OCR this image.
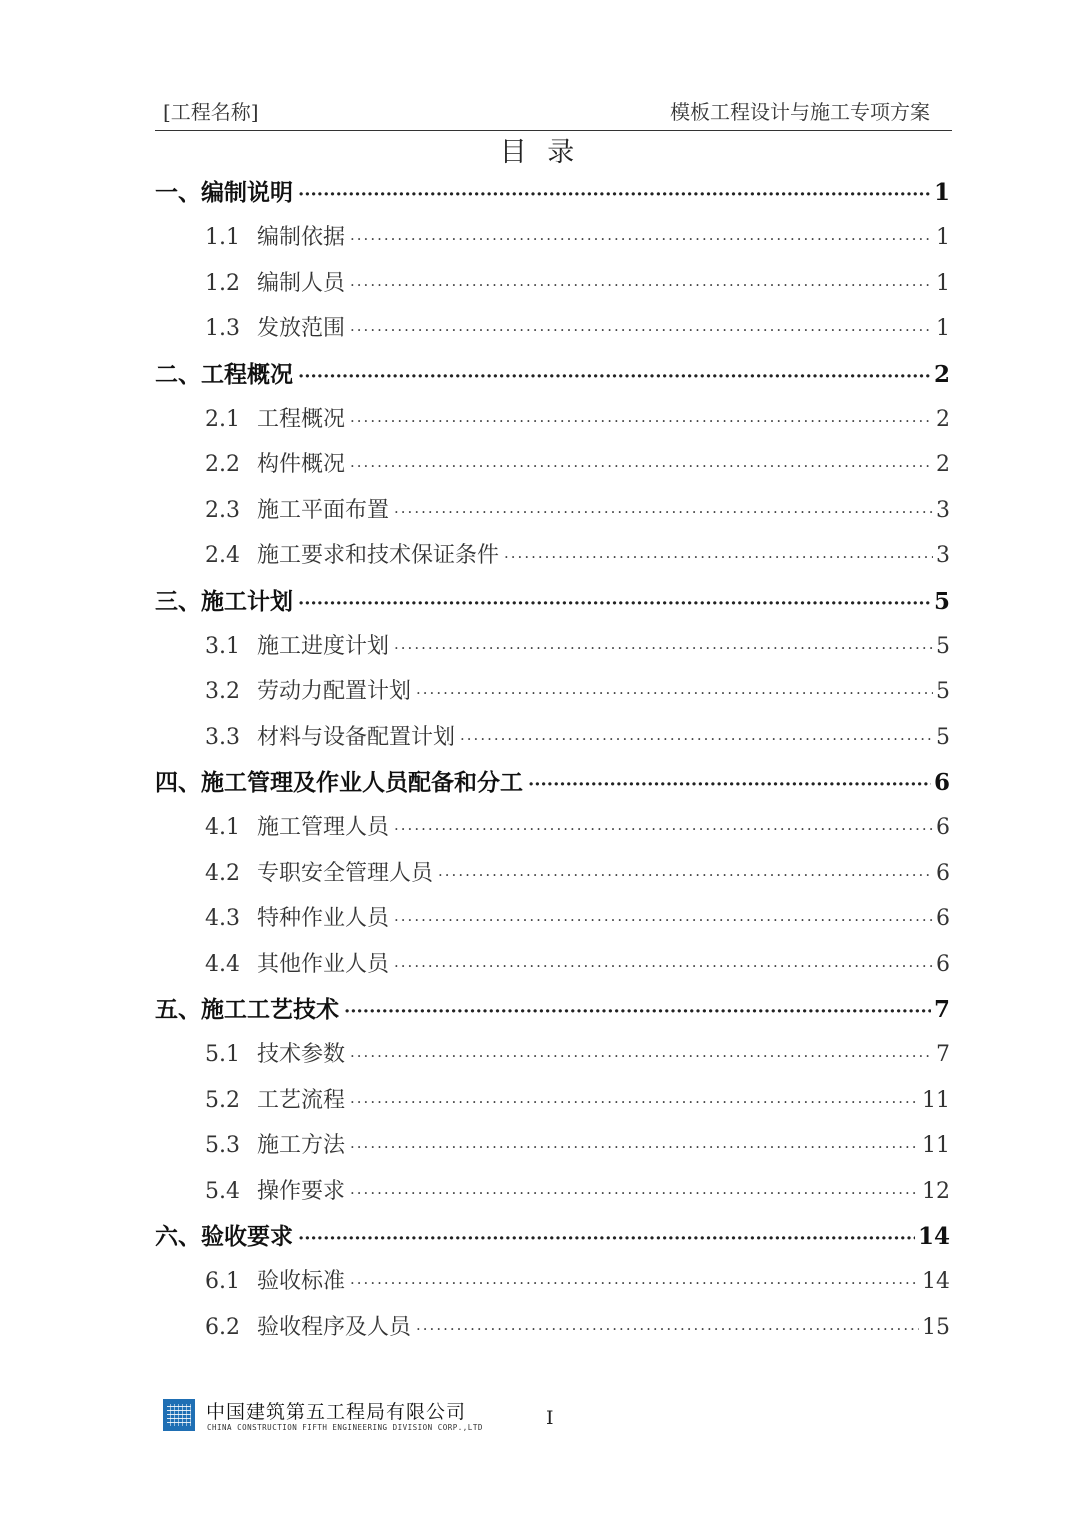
[工程名称]	模板工程设计与施工专项方案
目 录
一、编制说明 ·····	1
1.1 编制依据 ·····	1
1.2 编制人员 ·····	1
1.3 发放范围 ·····	1
二、工程概况 ·····	2
2.1 工程概况 ·····	2
2.2 构件概况 ·····	2
2.3 施工平面布置 ·····	3
2.4 施工要求和技术保证条件 ·····	3
三、施工计划 ·····	5
3.1 施工进度计划 ·····	5
3.2 劳动力配置计划 ·····	5
3.3 材料与设备配置计划 ·····	5
四、施工管理及作业人员配备和分工 ·····	6
4.1 施工管理人员 ·····	6
4.2 专职安全管理人员 ·····	6
4.3 特种作业人员 ·····	6
4.4 其他作业人员 ·····	6
五、施工工艺技术 ·····	7
5.1 技术参数 ·····	7
5.2 工艺流程 ·····	11
5.3 施工方法 ·····	11
5.4 操作要求 ·····	12
六、验收要求 ·····	14
6.1 验收标准 ·····	14
6.2 验收程序及人员 ·····	15
中国建筑第五工程局有限公司
CHINA CONSTRUCTION FIFTH ENGINEERING DIVISION CORP.,LTD	I
